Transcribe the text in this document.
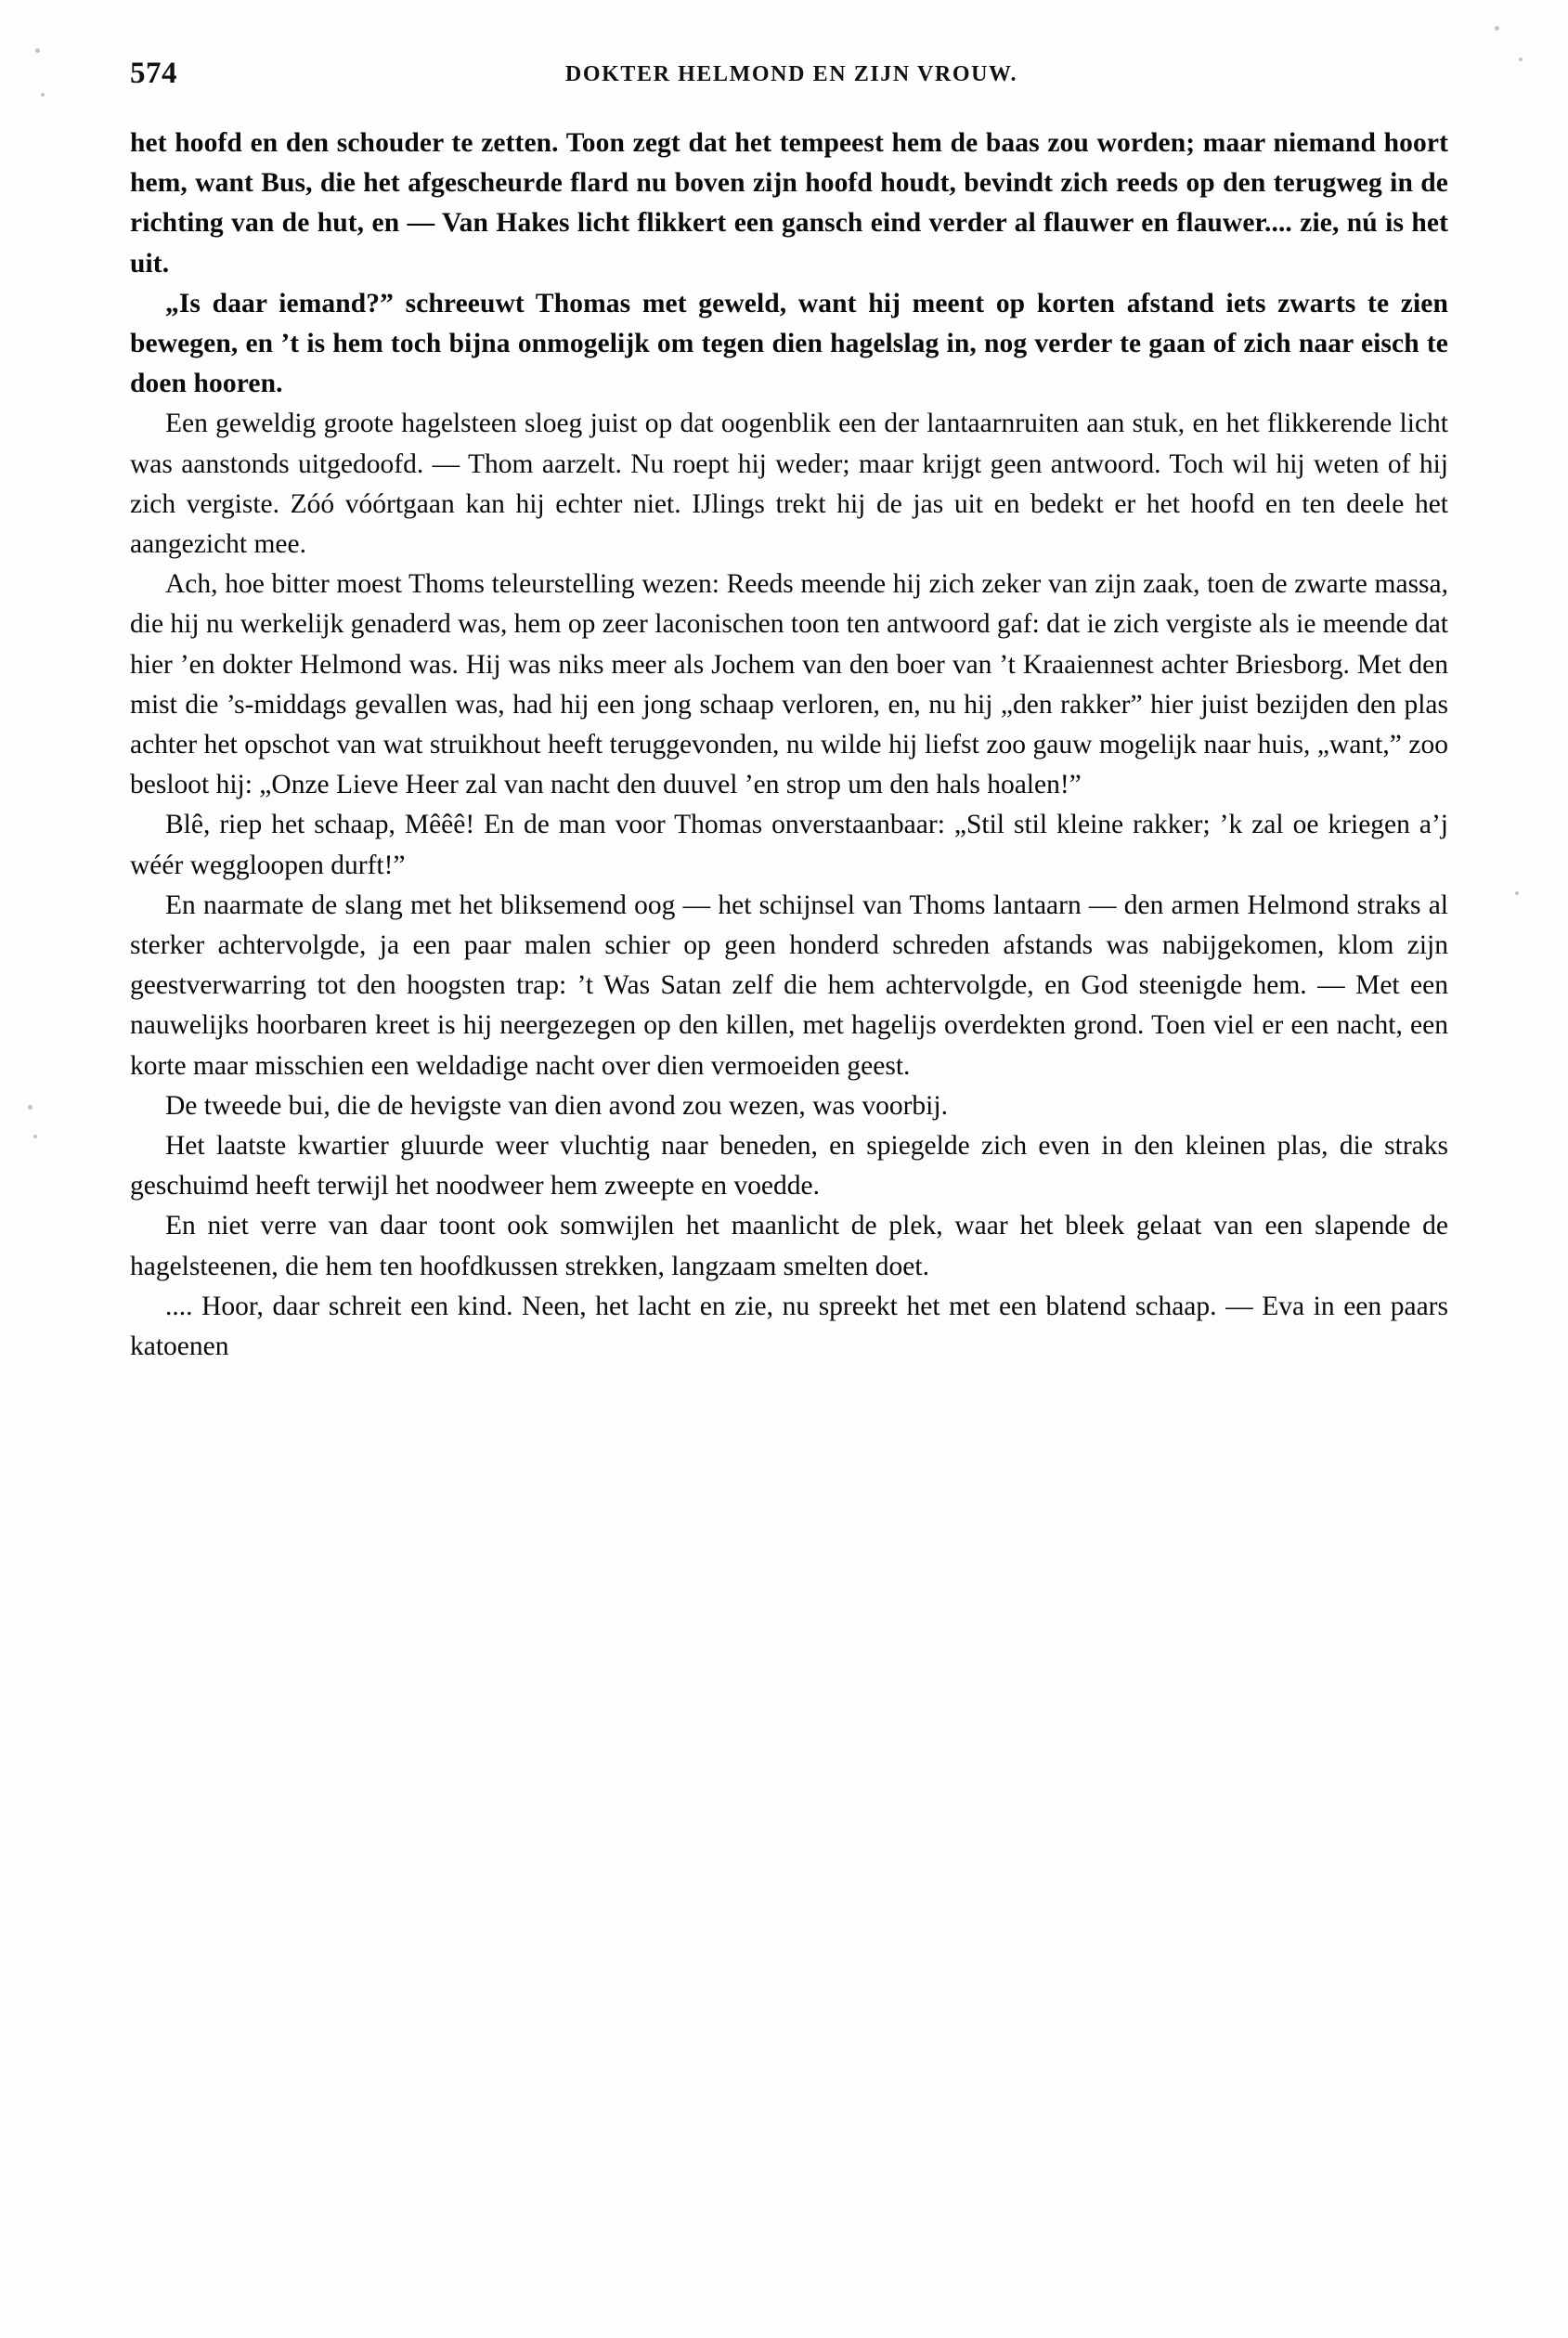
574	DOKTER HELMOND EN ZIJN VROUW.

het hoofd en den schouder te zetten. Toon zegt dat het tempeest hem de baas zou worden; maar niemand hoort hem, want Bus, die het afgescheurde flard nu boven zijn hoofd houdt, bevindt zich reeds op den terugweg in de richting van de hut, en — Van Hakes licht flikkert een gansch eind verder al flauwer en flauwer.... zie, nú is het uit.

„Is daar iemand?” schreeuwt Thomas met geweld, want hij meent op korten afstand iets zwarts te zien bewegen, en ’t is hem toch bijna onmogelijk om tegen dien hagelslag in, nog verder te gaan of zich naar eisch te doen hooren.

Een geweldig groote hagelsteen sloeg juist op dat oogenblik een der lantaarnruiten aan stuk, en het flikkerende licht was aanstonds uitgedoofd. — Thom aarzelt. Nu roept hij weder; maar krijgt geen antwoord. Toch wil hij weten of hij zich vergiste. Zóó vóórtgaan kan hij echter niet. IJlings trekt hij de jas uit en bedekt er het hoofd en ten deele het aangezicht mee.

Ach, hoe bitter moest Thoms teleurstelling wezen: Reeds meende hij zich zeker van zijn zaak, toen de zwarte massa, die hij nu werkelijk genaderd was, hem op zeer laconischen toon ten antwoord gaf: dat ie zich vergiste als ie meende dat hier ’en dokter Helmond was. Hij was niks meer als Jochem van den boer van ’t Kraaiennest achter Briesborg. Met den mist die ’s-middags gevallen was, had hij een jong schaap verloren, en, nu hij „den rakker” hier juist bezijden den plas achter het opschot van wat struikhout heeft teruggevonden, nu wilde hij liefst zoo gauw mogelijk naar huis, „want,” zoo besloot hij: „Onze Lieve Heer zal van nacht den duuvel ’en strop um den hals hoalen!”

Blê, riep het schaap, Mêêê! En de man voor Thomas onverstaanbaar: „Stil stil kleine rakker; ’k zal oe kriegen a’j wéér weggloopen durft!”

En naarmate de slang met het bliksemend oog — het schijnsel van Thoms lantaarn — den armen Helmond straks al sterker achtervolgde, ja een paar malen schier op geen honderd schreden afstands was nabijgekomen, klom zijn geestverwarring tot den hoogsten trap: ’t Was Satan zelf die hem achtervolgde, en God steenigde hem. — Met een nauwelijks hoorbaren kreet is hij neergezegen op den killen, met hagelijs overdekten grond. Toen viel er een nacht, een korte maar misschien een weldadige nacht over dien vermoeiden geest.

De tweede bui, die de hevigste van dien avond zou wezen, was voorbij.

Het laatste kwartier gluurde weer vluchtig naar beneden, en spiegelde zich even in den kleinen plas, die straks geschuimd heeft terwijl het noodweer hem zweepte en voedde.

En niet verre van daar toont ook somwijlen het maanlicht de plek, waar het bleek gelaat van een slapende de hagelsteenen, die hem ten hoofdkussen strekken, langzaam smelten doet.

.... Hoor, daar schreit een kind. Neen, het lacht en zie, nu spreekt het met een blatend schaap. — Eva in een paars katoenen
